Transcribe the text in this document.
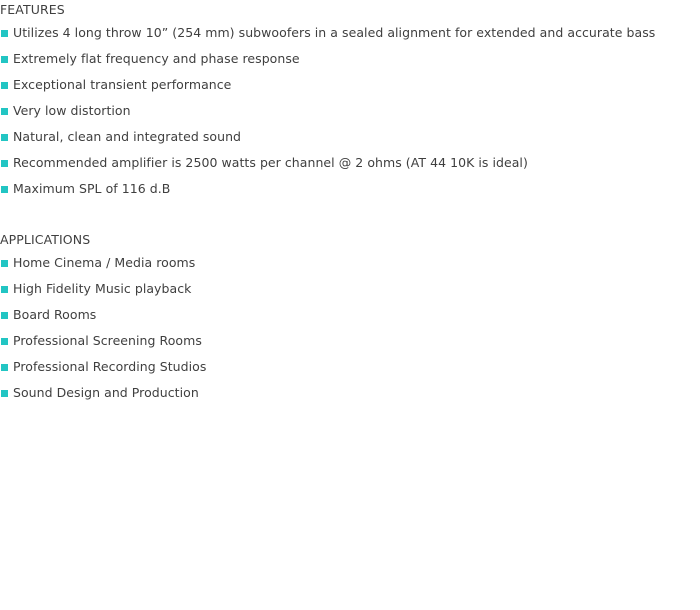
FEATURES
Utilizes 4 long throw 10” (254 mm) subwoofers in a sealed alignment for extended and accurate bass
Extremely flat frequency and phase response
Exceptional transient performance
Very low distortion
Natural, clean and integrated sound
Recommended amplifier is 2500 watts per channel @ 2 ohms (AT 44 10K is ideal)
Maximum SPL of 116 d.B
APPLICATIONS
Home Cinema / Media rooms
High Fidelity Music playback
Board Rooms
Professional Screening Rooms
Professional Recording Studios
Sound Design and Production
